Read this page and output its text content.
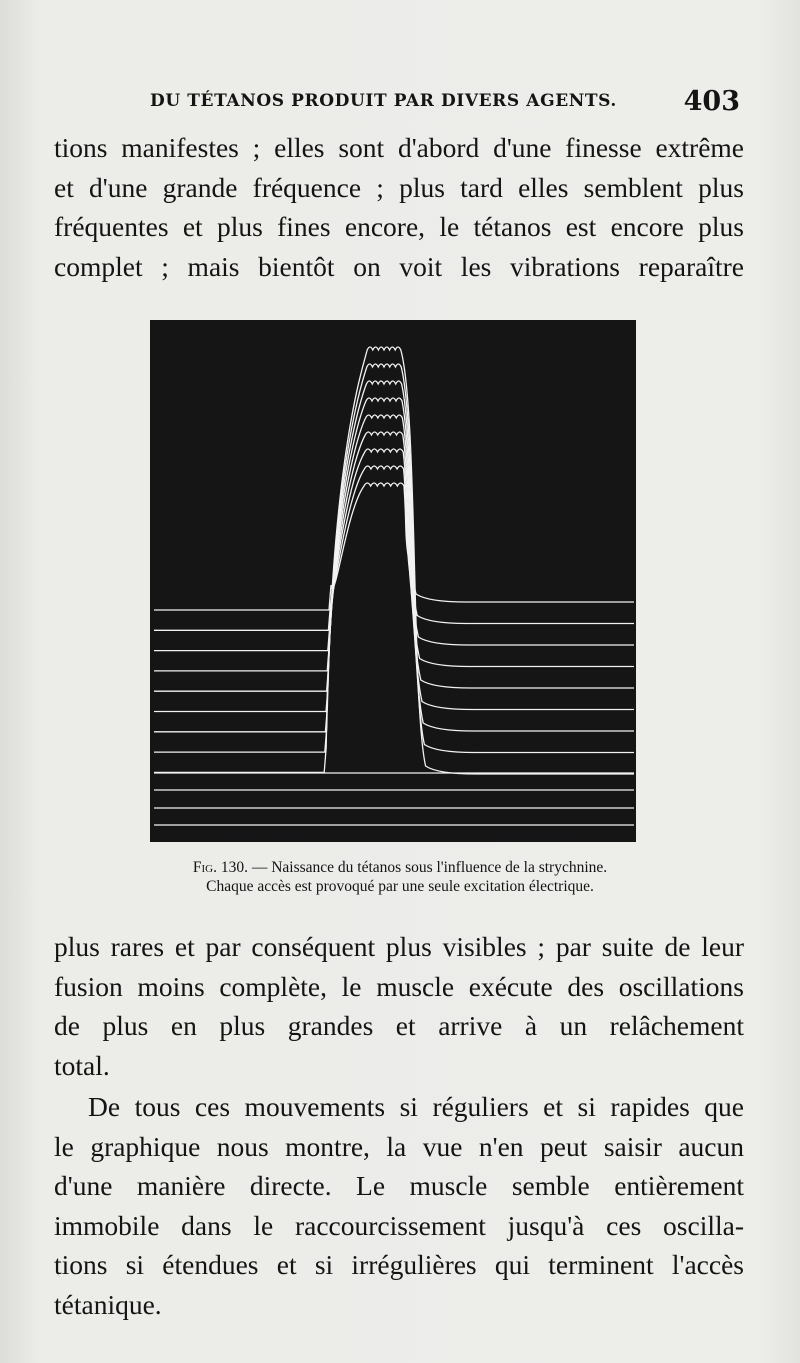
DU TÉTANOS PRODUIT PAR DIVERS AGENTS. 403
tions manifestes ; elles sont d'abord d'une finesse extrême
et d'une grande fréquence ; plus tard elles semblent plus
fréquentes et plus fines encore, le tétanos est encore plus
complet ; mais bientôt on voit les vibrations reparaître
Fig. 130. — Naissance du tétanos sous l'influence de la strychnine.
Chaque accès est provoqué par une seule excitation électrique.
plus rares et par conséquent plus visibles ; par suite de leur
fusion moins complète, le muscle exécute des oscillations
de plus en plus grandes et arrive à un relâchement
total.
De tous ces mouvements si réguliers et si rapides que
le graphique nous montre, la vue n'en peut saisir aucun
d'une manière directe. Le muscle semble entièrement
immobile dans le raccourcissement jusqu'à ces oscilla-
tions si étendues et si irrégulières qui terminent l'accès
tétanique.
